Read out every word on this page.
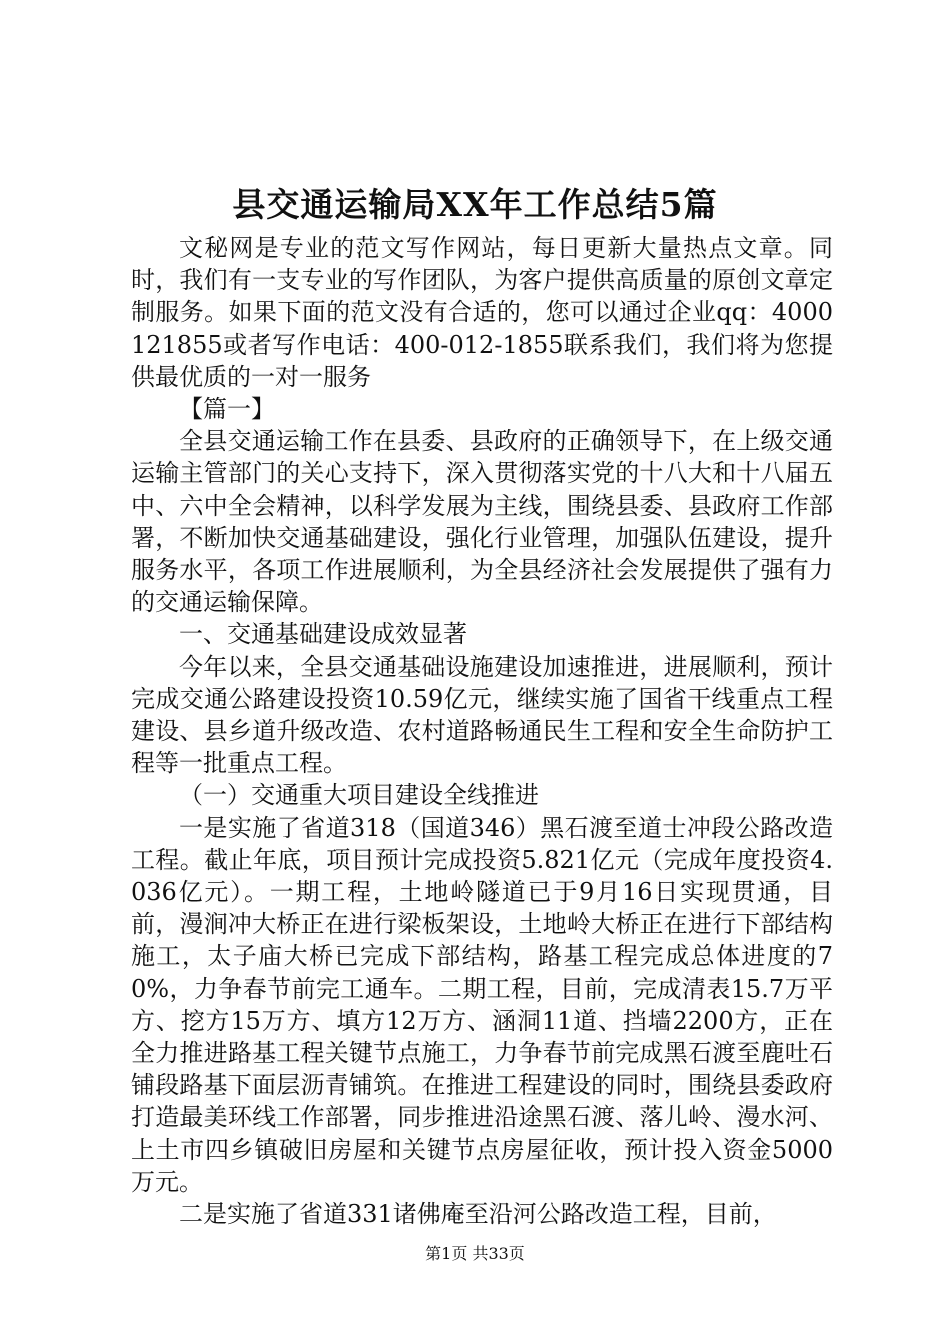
县交通运输局XX年工作总结5篇

文秘网是专业的范文写作网站，每日更新大量热点文章。同时，我们有一支专业的写作团队，为客户提供高质量的原创文章定制服务。如果下面的范文没有合适的，您可以通过企业qq：4000121855或者写作电话：400-012-1855联系我们，我们将为您提供最优质的一对一服务

【篇一】

全县交通运输工作在县委、县政府的正确领导下，在上级交通运输主管部门的关心支持下，深入贯彻落实党的十八大和十八届五中、六中全会精神，以科学发展为主线，围绕县委、县政府工作部署，不断加快交通基础建设，强化行业管理，加强队伍建设，提升服务水平，各项工作进展顺利，为全县经济社会发展提供了强有力的交通运输保障。

一、交通基础建设成效显著

今年以来，全县交通基础设施建设加速推进，进展顺利，预计完成交通公路建设投资10.59亿元，继续实施了国省干线重点工程建设、县乡道升级改造、农村道路畅通民生工程和安全生命防护工程等一批重点工程。

（一）交通重大项目建设全线推进

一是实施了省道318（国道346）黑石渡至道士冲段公路改造工程。截止年底，项目预计完成投资5.821亿元（完成年度投资4.036亿元）。一期工程，土地岭隧道已于9月16日实现贯通，目前，漫涧冲大桥正在进行梁板架设，土地岭大桥正在进行下部结构施工，太子庙大桥已完成下部结构，路基工程完成总体进度的70%，力争春节前完工通车。二期工程，目前，完成清表15.7万平方、挖方15万方、填方12万方、涵洞11道、挡墙2200方，正在全力推进路基工程关键节点施工，力争春节前完成黑石渡至鹿吐石铺段路基下面层沥青铺筑。在推进工程建设的同时，围绕县委政府打造最美环线工作部署，同步推进沿途黑石渡、落儿岭、漫水河、上土市四乡镇破旧房屋和关键节点房屋征收，预计投入资金5000万元。

二是实施了省道331诸佛庵至沿河公路改造工程，目前，

第1页 共33页
